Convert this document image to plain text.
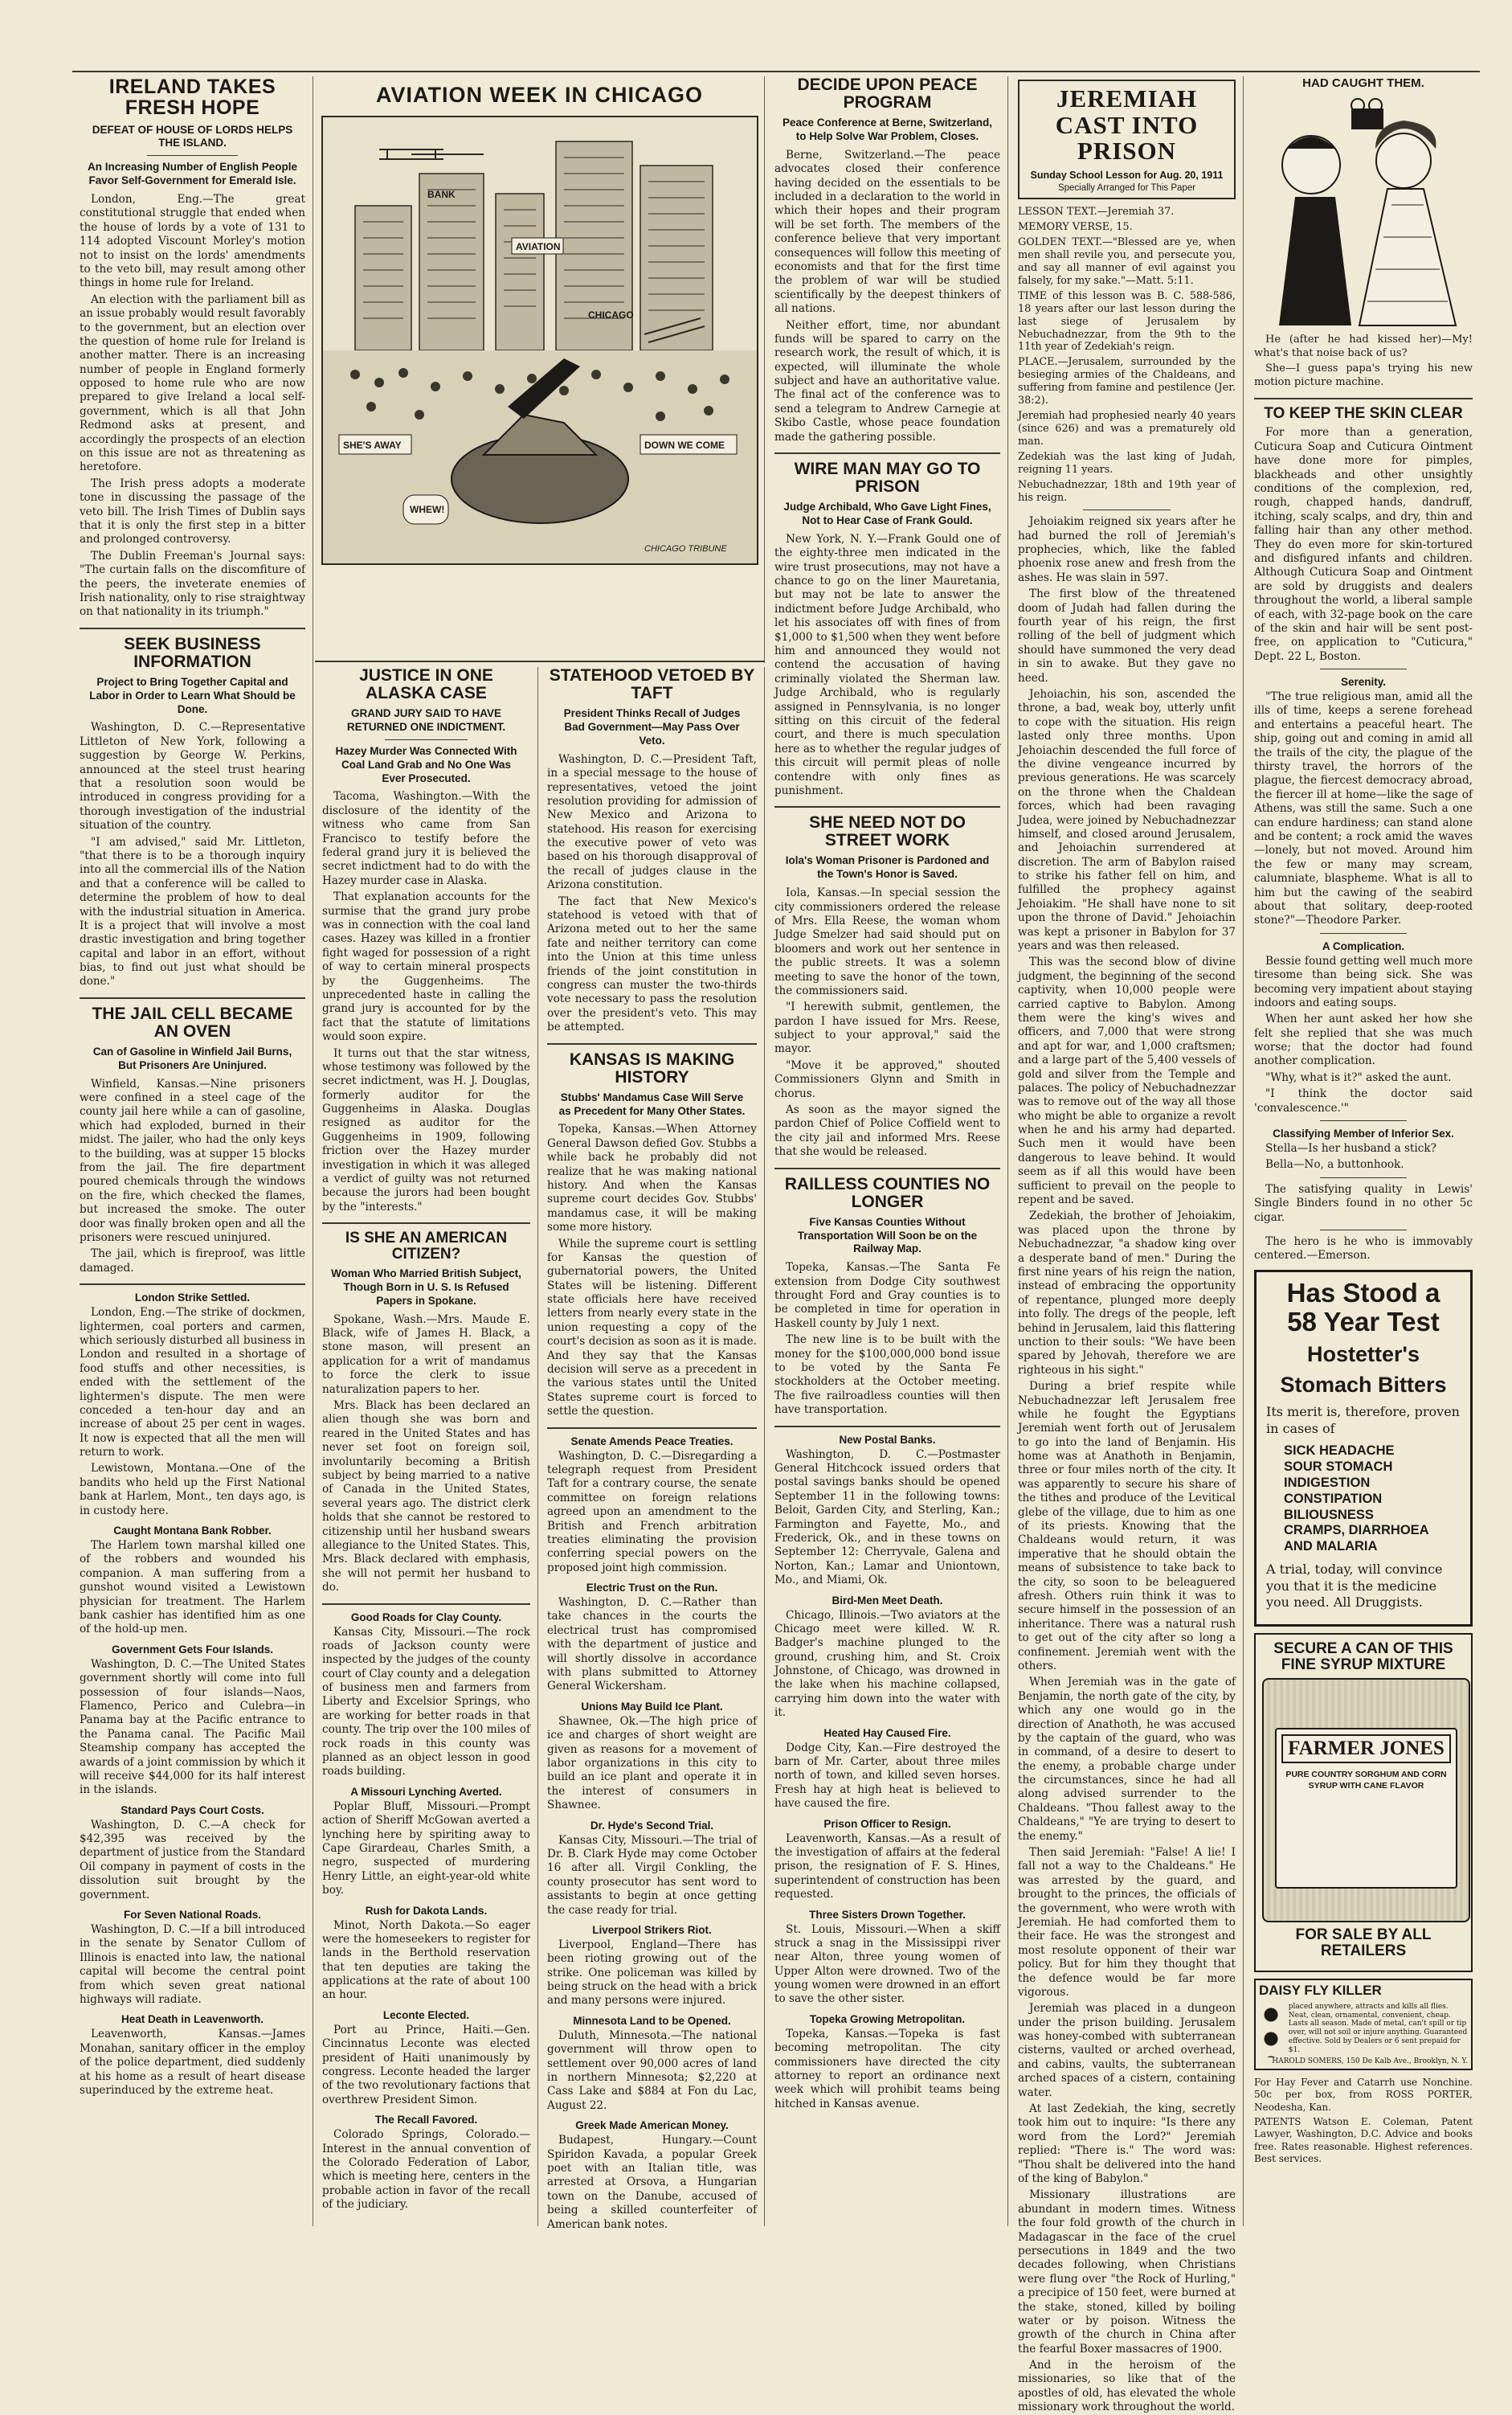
IRELAND TAKES FRESH HOPE
DEFEAT OF HOUSE OF LORDS HELPS THE ISLAND.
An Increasing Number of English People Favor Self-Government for Emerald Isle.

London, Eng.—The great constitutional struggle that ended when the house of lords by a vote of 131 to 114 adopted Viscount Morley's motion not to insist on the lords' amendments to the veto bill, may result among other things in home rule for Ireland.

An election with the parliament bill as an issue probably would result favorably to the government, but an election over the question of home rule for Ireland is another matter. There is an increasing number of people in England formerly opposed to home rule who are now prepared to give Ireland a local self-government, which is all that John Redmond asks at present, and accordingly the prospects of an election on this issue are not as threatening as heretofore.

The Irish press adopts a moderate tone in discussing the passage of the veto bill. The Irish Times of Dublin says that it is only the first step in a bitter and prolonged controversy.

The Dublin Freeman's Journal says: "The curtain falls on the discomfiture of the peers, the inveterate enemies of Irish nationality, only to rise straightway on that nationality in its triumph."

SEEK BUSINESS INFORMATION
Project to Bring Together Capital and Labor in Order to Learn What Should be Done.

Washington, D. C.—Representative Littleton of New York, following a suggestion by George W. Perkins, announced at the steel trust hearing that a resolution soon would be introduced in congress providing for a thorough investigation of the industrial situation of the country.

"I am advised," said Mr. Littleton, "that there is to be a thorough inquiry into all the commercial ills of the Nation and that a conference will be called to determine the problem of how to deal with the industrial situation in America. It is a project that will involve a most drastic investigation and bring together capital and labor in an effort, without bias, to find out just what should be done."

THE JAIL CELL BECAME AN OVEN
Can of Gasoline in Winfield Jail Burns, But Prisoners Are Uninjured.

Winfield, Kansas.—Nine prisoners were confined in a steel cage of the county jail here while a can of gasoline, which had exploded, burned in their midst. The jailer, who had the only keys to the building, was at supper 15 blocks from the jail. The fire department poured chemicals through the windows on the fire, which checked the flames, but increased the smoke. The outer door was finally broken open and all the prisoners were rescued uninjured.

The jail, which is fireproof, was little damaged.

London Strike Settled.

London, Eng.—The strike of dockmen, lightermen, coal porters and carmen, which seriously disturbed all business in London and resulted in a shortage of food stuffs and other necessities, is ended with the settlement of the lightermen's dispute. The men were conceded a ten-hour day and an increase of about 25 per cent in wages. It now is expected that all the men will return to work.

Lewistown, Montana.—One of the bandits who held up the First National bank at Harlem, Mont., ten days ago, is in custody here.

Caught Montana Bank Robber.

The Harlem town marshal killed one of the robbers and wounded his companion. A man suffering from a gunshot wound visited a Lewistown physician for treatment. The Harlem bank cashier has identified him as one of the hold-up men.

Government Gets Four Islands.

Washington, D. C.—The United States government shortly will come into full possession of four islands—Naos, Flamenco, Perico and Culebra—in Panama bay at the Pacific entrance to the Panama canal. The Pacific Mail Steamship company has accepted the awards of a joint commission by which it will receive $44,000 for its half interest in the islands.

Standard Pays Court Costs.

Washington, D. C.—A check for $42,395 was received by the department of justice from the Standard Oil company in payment of costs in the dissolution suit brought by the government.

For Seven National Roads.

Washington, D. C.—If a bill introduced in the senate by Senator Cullom of Illinois is enacted into law, the national capital will become the central point from which seven great national highways will radiate.

Heat Death in Leavenworth.

Leavenworth, Kansas.—James Monahan, sanitary officer in the employ of the police department, died suddenly at his home as a result of heart disease superinduced by the extreme heat.

AVIATION WEEK IN CHICAGO
AVIATION
WHEW!
BANK
CHICAGO
DOWN WE COME
SHE'S AWAY
CHICAGO TRIBUNE
JUSTICE IN ONE ALASKA CASE
GRAND JURY SAID TO HAVE RETURNED ONE INDICTMENT.
Hazey Murder Was Connected With Coal Land Grab and No One Was Ever Prosecuted.

Tacoma, Washington.—With the disclosure of the identity of the witness who came from San Francisco to testify before the federal grand jury it is believed the secret indictment had to do with the Hazey murder case in Alaska.

That explanation accounts for the surmise that the grand jury probe was in connection with the coal land cases. Hazey was killed in a frontier fight waged for possession of a right of way to certain mineral prospects by the Guggenheims. The unprecedented haste in calling the grand jury is accounted for by the fact that the statute of limitations would soon expire.

It turns out that the star witness, whose testimony was followed by the secret indictment, was H. J. Douglas, formerly auditor for the Guggenheims in Alaska. Douglas resigned as auditor for the Guggenheims in 1909, following friction over the Hazey murder investigation in which it was alleged a verdict of guilty was not returned because the jurors had been bought by the "interests."

IS SHE AN AMERICAN CITIZEN?
Woman Who Married British Subject, Though Born in U. S. Is Refused Papers in Spokane.

Spokane, Wash.—Mrs. Maude E. Black, wife of James H. Black, a stone mason, will present an application for a writ of mandamus to force the clerk to issue naturalization papers to her.

Mrs. Black has been declared an alien though she was born and reared in the United States and has never set foot on foreign soil, involuntarily becoming a British subject by being married to a native of Canada in the United States, several years ago. The district clerk holds that she cannot be restored to citizenship until her husband swears allegiance to the United States. This, Mrs. Black declared with emphasis, she will not permit her husband to do.

Good Roads for Clay County.

Kansas City, Missouri.—The rock roads of Jackson county were inspected by the judges of the county court of Clay county and a delegation of business men and farmers from Liberty and Excelsior Springs, who are working for better roads in that county. The trip over the 100 miles of rock roads in this county was planned as an object lesson in good roads building.

A Missouri Lynching Averted.

Poplar Bluff, Missouri.—Prompt action of Sheriff McGowan averted a lynching here by spiriting away to Cape Girardeau, Charles Smith, a negro, suspected of murdering Henry Little, an eight-year-old white boy.

Rush for Dakota Lands.

Minot, North Dakota.—So eager were the homeseekers to register for lands in the Berthold reservation that ten deputies are taking the applications at the rate of about 100 an hour.

Leconte Elected.

Port au Prince, Haiti.—Gen. Cincinnatus Leconte was elected president of Haiti unanimously by congress. Leconte headed the larger of the two revolutionary factions that overthrew President Simon.

The Recall Favored.

Colorado Springs, Colorado.—Interest in the annual convention of the Colorado Federation of Labor, which is meeting here, centers in the probable action in favor of the recall of the judiciary.

STATEHOOD VETOED BY TAFT
President Thinks Recall of Judges Bad Government—May Pass Over Veto.

Washington, D. C.—President Taft, in a special message to the house of representatives, vetoed the joint resolution providing for admission of New Mexico and Arizona to statehood. His reason for exercising the executive power of veto was based on his thorough disapproval of the recall of judges clause in the Arizona constitution.

The fact that New Mexico's statehood is vetoed with that of Arizona meted out to her the same fate and neither territory can come into the Union at this time unless friends of the joint constitution in congress can muster the two-thirds vote necessary to pass the resolution over the president's veto. This may be attempted.

KANSAS IS MAKING HISTORY
Stubbs' Mandamus Case Will Serve as Precedent for Many Other States.

Topeka, Kansas.—When Attorney General Dawson defied Gov. Stubbs a while back he probably did not realize that he was making national history. And when the Kansas supreme court decides Gov. Stubbs' mandamus case, it will be making some more history.

While the supreme court is settling for Kansas the question of gubernatorial powers, the United States will be listening. Different state officials here have received letters from nearly every state in the union requesting a copy of the court's decision as soon as it is made. And they say that the Kansas decision will serve as a precedent in the various states until the United States supreme court is forced to settle the question.

Senate Amends Peace Treaties.

Washington, D. C.—Disregarding a telegraph request from President Taft for a contrary course, the senate committee on foreign relations agreed upon an amendment to the British and French arbitration treaties eliminating the provision conferring special powers on the proposed joint high commission.

Electric Trust on the Run.

Washington, D. C.—Rather than take chances in the courts the electrical trust has compromised with the department of justice and will shortly dissolve in accordance with plans submitted to Attorney General Wickersham.

Unions May Build Ice Plant.

Shawnee, Ok.—The high price of ice and charges of short weight are given as reasons for a movement of labor organizations in this city to build an ice plant and operate it in the interest of consumers in Shawnee.

Dr. Hyde's Second Trial.

Kansas City, Missouri.—The trial of Dr. B. Clark Hyde may come October 16 after all. Virgil Conkling, the county prosecutor has sent word to assistants to begin at once getting the case ready for trial.

Liverpool Strikers Riot.

Liverpool, England—There has been rioting growing out of the strike. One policeman was killed by being struck on the head with a brick and many persons were injured.

Minnesota Land to be Opened.

Duluth, Minnesota.—The national government will throw open to settlement over 90,000 acres of land in northern Minnesota; $2,220 at Cass Lake and $884 at Fon du Lac, August 22.

Greek Made American Money.

Budapest, Hungary.—Count Spiridon Kavada, a popular Greek poet with an Italian title, was arrested at Orsova, a Hungarian town on the Danube, accused of being a skilled counterfeiter of American bank notes.

DECIDE UPON PEACE PROGRAM
Peace Conference at Berne, Switzerland, to Help Solve War Problem, Closes.

Berne, Switzerland.—The peace advocates closed their conference having decided on the essentials to be included in a declaration to the world in which their hopes and their program will be set forth. The members of the conference believe that very important consequences will follow this meeting of economists and that for the first time the problem of war will be studied scientifically by the deepest thinkers of all nations.

Neither effort, time, nor abundant funds will be spared to carry on the research work, the result of which, it is expected, will illuminate the whole subject and have an authoritative value. The final act of the conference was to send a telegram to Andrew Carnegie at Skibo Castle, whose peace foundation made the gathering possible.

WIRE MAN MAY GO TO PRISON
Judge Archibald, Who Gave Light Fines, Not to Hear Case of Frank Gould.

New York, N. Y.—Frank Gould one of the eighty-three men indicated in the wire trust prosecutions, may not have a chance to go on the liner Mauretania, but may not be late to answer the indictment before Judge Archibald, who let his associates off with fines of from $1,000 to $1,500 when they went before him and announced they would not contend the accusation of having criminally violated the Sherman law. Judge Archibald, who is regularly assigned in Pennsylvania, is no longer sitting on this circuit of the federal court, and there is much speculation here as to whether the regular judges of this circuit will permit pleas of nolle contendre with only fines as punishment.

SHE NEED NOT DO STREET WORK
Iola's Woman Prisoner is Pardoned and the Town's Honor is Saved.

Iola, Kansas.—In special session the city commissioners ordered the release of Mrs. Ella Reese, the woman whom Judge Smelzer had said should put on bloomers and work out her sentence in the public streets. It was a solemn meeting to save the honor of the town, the commissioners said.

"I herewith submit, gentlemen, the pardon I have issued for Mrs. Reese, subject to your approval," said the mayor.

"Move it be approved," shouted Commissioners Glynn and Smith in chorus.

As soon as the mayor signed the pardon Chief of Police Coffield went to the city jail and informed Mrs. Reese that she would be released.

RAILLESS COUNTIES NO LONGER
Five Kansas Counties Without Transportation Will Soon be on the Railway Map.

Topeka, Kansas.—The Santa Fe extension from Dodge City southwest throught Ford and Gray counties is to be completed in time for operation in Haskell county by July 1 next.

The new line is to be built with the money for the $100,000,000 bond issue to be voted by the Santa Fe stockholders at the October meeting. The five railroadless counties will then have transportation.

New Postal Banks.

Washington, D. C.—Postmaster General Hitchcock issued orders that postal savings banks should be opened September 11 in the following towns: Beloit, Garden City, and Sterling, Kan.; Farmington and Fayette, Mo., and Frederick, Ok., and in these towns on September 12: Cherryvale, Galena and Norton, Kan.; Lamar and Uniontown, Mo., and Miami, Ok.

Bird-Men Meet Death.

Chicago, Illinois.—Two aviators at the Chicago meet were killed. W. R. Badger's machine plunged to the ground, crushing him, and St. Croix Johnstone, of Chicago, was drowned in the lake when his machine collapsed, carrying him down into the water with it.

Heated Hay Caused Fire.

Dodge City, Kan.—Fire destroyed the barn of Mr. Carter, about three miles north of town, and killed seven horses. Fresh hay at high heat is believed to have caused the fire.

Prison Officer to Resign.

Leavenworth, Kansas.—As a result of the investigation of affairs at the federal prison, the resignation of F. S. Hines, superintendent of construction has been requested.

Three Sisters Drown Together.

St. Louis, Missouri.—When a skiff struck a snag in the Mississippi river near Alton, three young women of Upper Alton were drowned. Two of the young women were drowned in an effort to save the other sister.

Topeka Growing Metropolitan.

Topeka, Kansas.—Topeka is fast becoming metropolitan. The city commissioners have directed the city attorney to report an ordinance next week which will prohibit teams being hitched in Kansas avenue.

JEREMIAH CAST INTO PRISON
Sunday School Lesson for Aug. 20, 1911
Specially Arranged for This Paper

LESSON TEXT.—Jeremiah 37.

MEMORY VERSE, 15.

GOLDEN TEXT.—"Blessed are ye, when men shall revile you, and persecute you, and say all manner of evil against you falsely, for my sake."—Matt. 5:11.

TIME of this lesson was B. C. 588-586, 18 years after our last lesson during the last siege of Jerusalem by Nebuchadnezzar, from the 9th to the 11th year of Zedekiah's reign.

PLACE.—Jerusalem, surrounded by the besieging armies of the Chaldeans, and suffering from famine and pestilence (Jer. 38:2).

Jeremiah had prophesied nearly 40 years (since 626) and was a prematurely old man.

Zedekiah was the last king of Judah, reigning 11 years.

Nebuchadnezzar, 18th and 19th year of his reign.

Jehoiakim reigned six years after he had burned the roll of Jeremiah's prophecies, which, like the fabled phoenix rose anew and fresh from the ashes. He was slain in 597.

The first blow of the threatened doom of Judah had fallen during the fourth year of his reign, the first rolling of the bell of judgment which should have summoned the very dead in sin to awake. But they gave no heed.

Jehoiachin, his son, ascended the throne, a bad, weak boy, utterly unfit to cope with the situation. His reign lasted only three months. Upon Jehoiachin descended the full force of the divine vengeance incurred by previous generations. He was scarcely on the throne when the Chaldean forces, which had been ravaging Judea, were joined by Nebuchadnezzar himself, and closed around Jerusalem, and Jehoiachin surrendered at discretion. The arm of Babylon raised to strike his father fell on him, and fulfilled the prophecy against Jehoiakim. "He shall have none to sit upon the throne of David." Jehoiachin was kept a prisoner in Babylon for 37 years and was then released.

This was the second blow of divine judgment, the beginning of the second captivity, when 10,000 people were carried captive to Babylon. Among them were the king's wives and officers, and 7,000 that were strong and apt for war, and 1,000 craftsmen; and a large part of the 5,400 vessels of gold and silver from the Temple and palaces. The policy of Nebuchadnezzar was to remove out of the way all those who might be able to organize a revolt when he and his army had departed. Such men it would have been dangerous to leave behind. It would seem as if all this would have been sufficient to prevail on the people to repent and be saved.

Zedekiah, the brother of Jehoiakim, was placed upon the throne by Nebuchadnezzar, "a shadow king over a desperate band of men." During the first nine years of his reign the nation, instead of embracing the opportunity of repentance, plunged more deeply into folly. The dregs of the people, left behind in Jerusalem, laid this flattering unction to their souls: "We have been spared by Jehovah, therefore we are righteous in his sight."

During a brief respite while Nebuchadnezzar left Jerusalem free while he fought the Egyptians Jeremiah went forth out of Jerusalem to go into the land of Benjamin. His home was at Anathoth in Benjamin, three or four miles north of the city. It was apparently to secure his share of the tithes and produce of the Levitical glebe of the village, due to him as one of its priests. Knowing that the Chaldeans would return, it was imperative that he should obtain the means of subsistence to take back to the city, so soon to be beleaguered afresh. Others ruin think it was to secure himself in the possession of an inheritance. There was a natural rush to get out of the city after so long a confinement. Jeremiah went with the others.

When Jeremiah was in the gate of Benjamin, the north gate of the city, by which any one would go in the direction of Anathoth, he was accused by the captain of the guard, who was in command, of a desire to desert to the enemy, a probable charge under the circumstances, since he had all along advised surrender to the Chaldeans. "Thou fallest away to the Chaldeans," "Ye are trying to desert to the enemy."

Then said Jeremiah: "False! A lie! I fall not a way to the Chaldeans." He was arrested by the guard, and brought to the princes, the officials of the government, who were wroth with Jeremiah. He had comforted them to their face. He was the strongest and most resolute opponent of their war policy. But for him they thought that the defence would be far more vigorous.

Jeremiah was placed in a dungeon under the prison building. Jerusalem was honey-combed with subterranean cisterns, vaulted or arched overhead, and cabins, vaults, the subterranean arched spaces of a cistern, containing water.

At last Zedekiah, the king, secretly took him out to inquire: "Is there any word from the Lord?" Jeremiah replied: "There is." The word was: "Thou shalt be delivered into the hand of the king of Babylon."

Missionary illustrations are abundant in modern times. Witness the four fold growth of the church in Madagascar in the face of the cruel persecutions in 1849 and the two decades following, when Christians were flung over "the Rock of Hurling," a precipice of 150 feet, were burned at the stake, stoned, killed by boiling water or by poison. Witness the growth of the church in China after the fearful Boxer massacres of 1900.

And in the heroism of the missionaries, so like that of the apostles of old, has elevated the whole missionary work throughout the world.

HAD CAUGHT THEM.

He (after he had kissed her)—My! what's that noise back of us?

She—I guess papa's trying his new motion picture machine.

TO KEEP THE SKIN CLEAR

For more than a generation, Cuticura Soap and Cuticura Ointment have done more for pimples, blackheads and other unsightly conditions of the complexion, red, rough, chapped hands, dandruff, itching, scaly scalps, and dry, thin and falling hair than any other method. They do even more for skin-tortured and disfigured infants and children. Although Cuticura Soap and Ointment are sold by druggists and dealers throughout the world, a liberal sample of each, with 32-page book on the care of the skin and hair will be sent post-free, on application to "Cuticura," Dept. 22 L, Boston.

Serenity.

"The true religious man, amid all the ills of time, keeps a serene forehead and entertains a peaceful heart. The ship, going out and coming in amid all the trails of the city, the plague of the thirsty travel, the horrors of the plague, the fiercest democracy abroad, the fiercer ill at home—like the sage of Athens, was still the same. Such a one can endure hardiness; can stand alone and be content; a rock amid the waves—lonely, but not moved. Around him the few or many may scream, calumniate, blaspheme. What is all to him but the cawing of the seabird about that solitary, deep-rooted stone?"—Theodore Parker.

A Complication.

Bessie found getting well much more tiresome than being sick. She was becoming very impatient about staying indoors and eating soups.

When her aunt asked her how she felt she replied that she was much worse; that the doctor had found another complication.

"Why, what is it?" asked the aunt.

"I think the doctor said 'convalescence.'"

Classifying Member of Inferior Sex.

Stella—Is her husband a stick?

Bella—No, a buttonhook.

The satisfying quality in Lewis' Single Binders found in no other 5c cigar.

The hero is he who is immovably centered.—Emerson.

Has Stood a
58 Year Test
Hostetter's
Stomach Bitters
Its merit is, therefore, proven in cases of
SICK HEADACHE
SOUR STOMACH
INDIGESTION
CONSTIPATION
BILIOUSNESS
CRAMPS, DIARRHOEA
AND MALARIA
A trial, today, will convince you that it is the medicine you need. All Druggists.
SECURE A CAN OF THIS
FINE SYRUP MIXTURE
FARMER JONES
PURE COUNTRY SORGHUM AND CORN SYRUP WITH CANE FLAVOR
FOR SALE BY ALL RETAILERS
DAISY FLY KILLER
placed anywhere, attracts and kills all flies. Neat, clean, ornamental, convenient, cheap. Lasts all season. Made of metal, can't spill or tip over, will not soil or injure anything. Guaranteed effective. Sold by Dealers or 6 sent prepaid for $1.
HAROLD SOMERS, 150 De Kalb Ave., Brooklyn, N. Y.

For Hay Fever and Catarrh use Nonchine. 50c per box, from ROSS PORTER, Neodesha, Kan.

PATENTS Watson E. Coleman, Patent Lawyer, Washington, D.C. Advice and books free. Rates reasonable. Highest references. Best services.
